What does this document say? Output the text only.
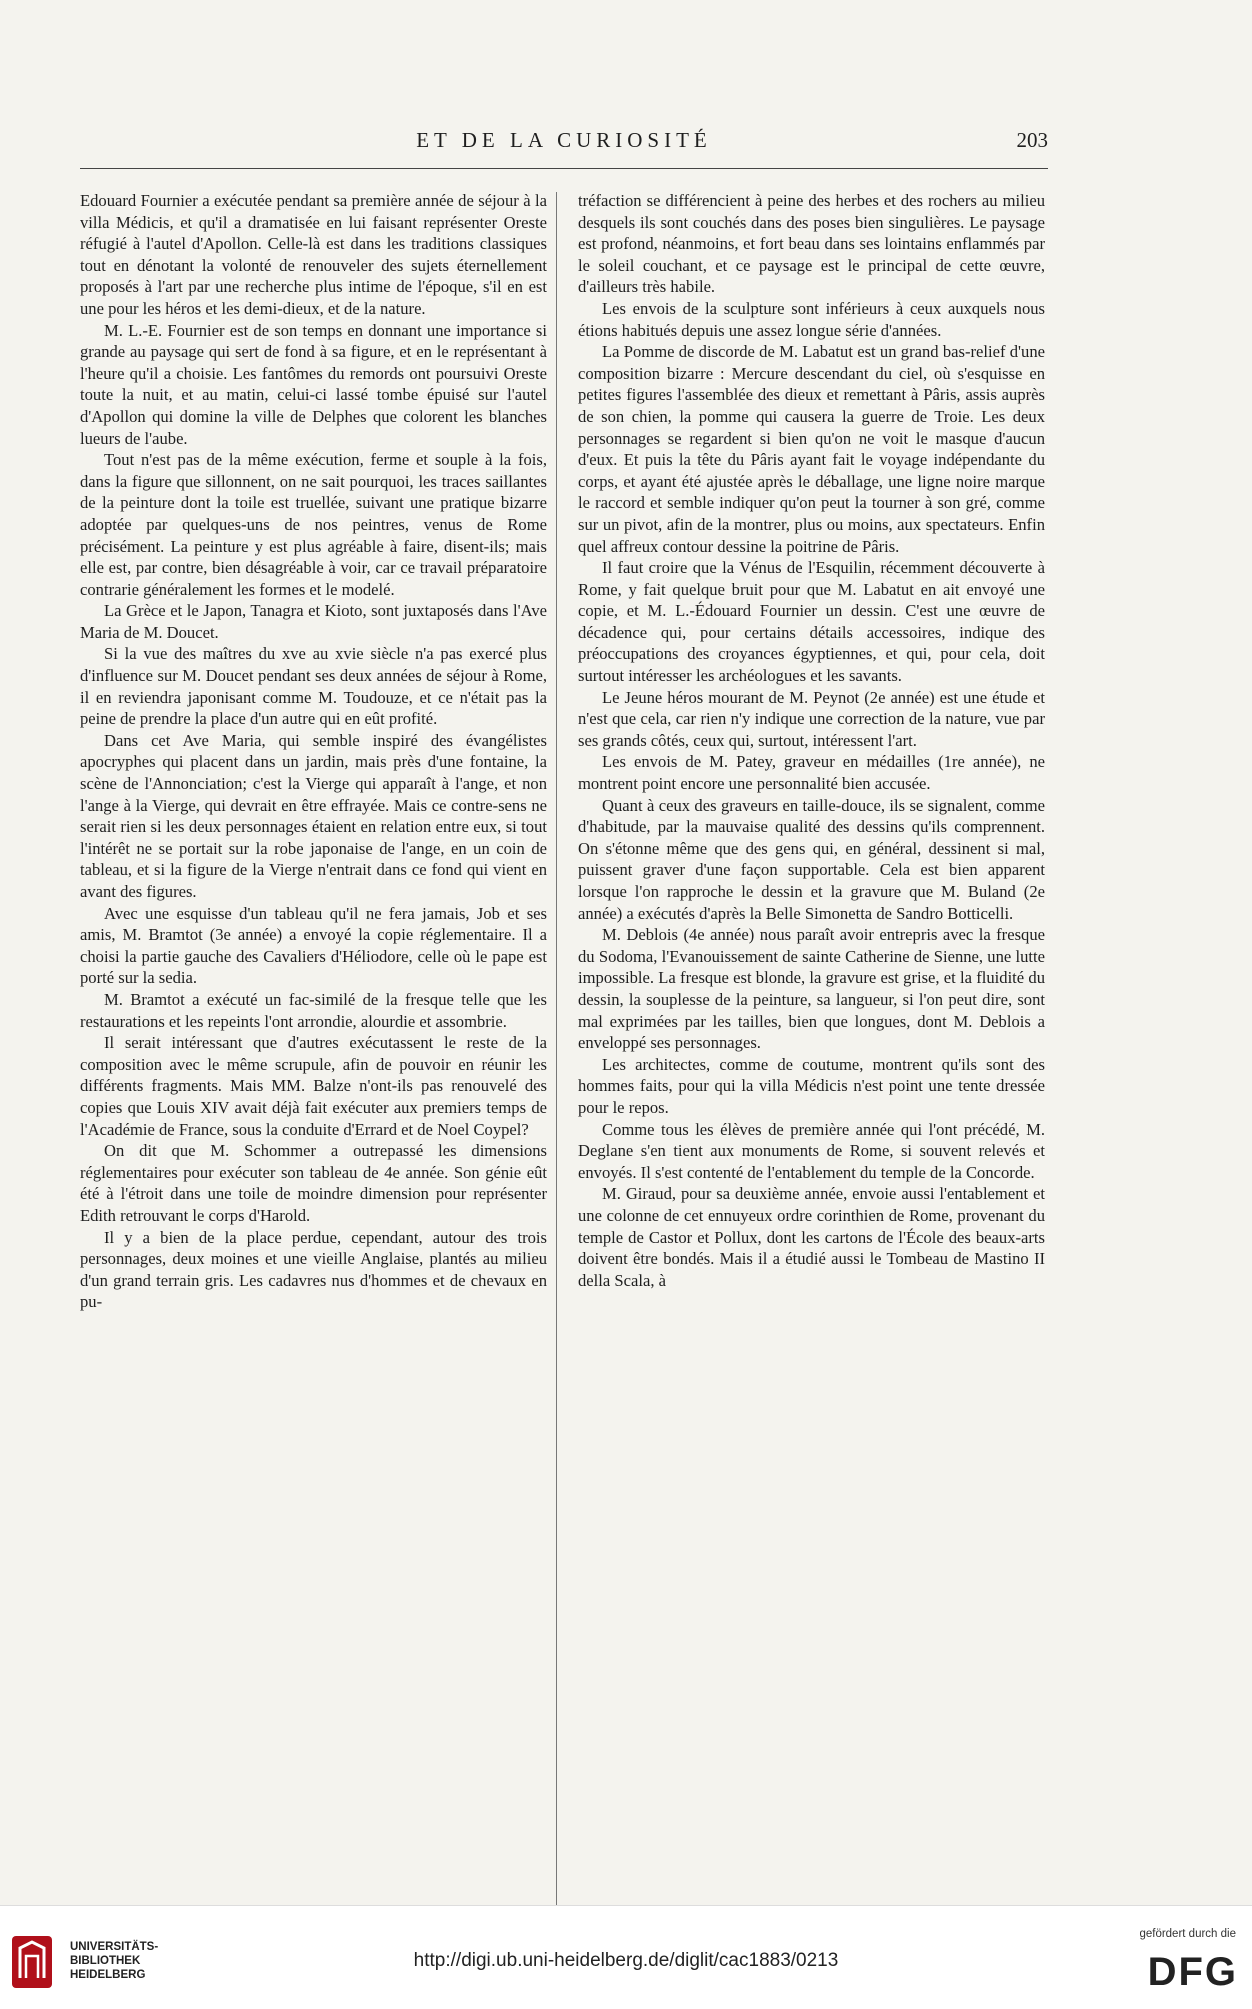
ET DE LA CURIOSITÉ	203

Edouard Fournier a exécutée pendant sa première année de séjour à la villa Médicis, et qu'il a dramatisée en lui faisant représenter Oreste réfugié à l'autel d'Apollon. Celle-là est dans les traditions classiques tout en dénotant la volonté de renouveler des sujets éternellement proposés à l'art par une recherche plus intime de l'époque, s'il en est une pour les héros et les demi-dieux, et de la nature.

M. L.-E. Fournier est de son temps en donnant une importance si grande au paysage qui sert de fond à sa figure, et en le représentant à l'heure qu'il a choisie. Les fantômes du remords ont poursuivi Oreste toute la nuit, et au matin, celui-ci lassé tombe épuisé sur l'autel d'Apollon qui domine la ville de Delphes que colorent les blanches lueurs de l'aube.

Tout n'est pas de la même exécution, ferme et souple à la fois, dans la figure que sillonnent, on ne sait pourquoi, les traces saillantes de la peinture dont la toile est truellée, suivant une pratique bizarre adoptée par quelques-uns de nos peintres, venus de Rome précisément. La peinture y est plus agréable à faire, disent-ils; mais elle est, par contre, bien désagréable à voir, car ce travail préparatoire contrarie généralement les formes et le modelé.

La Grèce et le Japon, Tanagra et Kioto, sont juxtaposés dans l'Ave Maria de M. Doucet.

Si la vue des maîtres du xve au xvie siècle n'a pas exercé plus d'influence sur M. Doucet pendant ses deux années de séjour à Rome, il en reviendra japonisant comme M. Toudouze, et ce n'était pas la peine de prendre la place d'un autre qui en eût profité.

Dans cet Ave Maria, qui semble inspiré des évangélistes apocryphes qui placent dans un jardin, mais près d'une fontaine, la scène de l'Annonciation; c'est la Vierge qui apparaît à l'ange, et non l'ange à la Vierge, qui devrait en être effrayée. Mais ce contre-sens ne serait rien si les deux personnages étaient en relation entre eux, si tout l'intérêt ne se portait sur la robe japonaise de l'ange, en un coin de tableau, et si la figure de la Vierge n'entrait dans ce fond qui vient en avant des figures.

Avec une esquisse d'un tableau qu'il ne fera jamais, Job et ses amis, M. Bramtot (3e année) a envoyé la copie réglementaire. Il a choisi la partie gauche des Cavaliers d'Héliodore, celle où le pape est porté sur la sedia.

M. Bramtot a exécuté un fac-similé de la fresque telle que les restaurations et les repeints l'ont arrondie, alourdie et assombrie.

Il serait intéressant que d'autres exécutassent le reste de la composition avec le même scrupule, afin de pouvoir en réunir les différents fragments. Mais MM. Balze n'ont-ils pas renouvelé des copies que Louis XIV avait déjà fait exécuter aux premiers temps de l'Académie de France, sous la conduite d'Errard et de Noel Coypel?

On dit que M. Schommer a outrepassé les dimensions réglementaires pour exécuter son tableau de 4e année. Son génie eût été à l'étroit dans une toile de moindre dimension pour représenter Edith retrouvant le corps d'Harold.

Il y a bien de la place perdue, cependant, autour des trois personnages, deux moines et une vieille Anglaise, plantés au milieu d'un grand terrain gris. Les cadavres nus d'hommes et de chevaux en pu-

tréfaction se différencient à peine des herbes et des rochers au milieu desquels ils sont couchés dans des poses bien singulières. Le paysage est profond, néanmoins, et fort beau dans ses lointains enflammés par le soleil couchant, et ce paysage est le principal de cette œuvre, d'ailleurs très habile.

Les envois de la sculpture sont inférieurs à ceux auxquels nous étions habitués depuis une assez longue série d'années.

La Pomme de discorde de M. Labatut est un grand bas-relief d'une composition bizarre : Mercure descendant du ciel, où s'esquisse en petites figures l'assemblée des dieux et remettant à Pâris, assis auprès de son chien, la pomme qui causera la guerre de Troie. Les deux personnages se regardent si bien qu'on ne voit le masque d'aucun d'eux. Et puis la tête du Pâris ayant fait le voyage indépendante du corps, et ayant été ajustée après le déballage, une ligne noire marque le raccord et semble indiquer qu'on peut la tourner à son gré, comme sur un pivot, afin de la montrer, plus ou moins, aux spectateurs. Enfin quel affreux contour dessine la poitrine de Pâris.

Il faut croire que la Vénus de l'Esquilin, récemment découverte à Rome, y fait quelque bruit pour que M. Labatut en ait envoyé une copie, et M. L.-Édouard Fournier un dessin. C'est une œuvre de décadence qui, pour certains détails accessoires, indique des préoccupations des croyances égyptiennes, et qui, pour cela, doit surtout intéresser les archéologues et les savants.

Le Jeune héros mourant de M. Peynot (2e année) est une étude et n'est que cela, car rien n'y indique une correction de la nature, vue par ses grands côtés, ceux qui, surtout, intéressent l'art.

Les envois de M. Patey, graveur en médailles (1re année), ne montrent point encore une personnalité bien accusée.

Quant à ceux des graveurs en taille-douce, ils se signalent, comme d'habitude, par la mauvaise qualité des dessins qu'ils comprennent. On s'étonne même que des gens qui, en général, dessinent si mal, puissent graver d'une façon supportable. Cela est bien apparent lorsque l'on rapproche le dessin et la gravure que M. Buland (2e année) a exécutés d'après la Belle Simonetta de Sandro Botticelli.

M. Deblois (4e année) nous paraît avoir entrepris avec la fresque du Sodoma, l'Evanouissement de sainte Catherine de Sienne, une lutte impossible. La fresque est blonde, la gravure est grise, et la fluidité du dessin, la souplesse de la peinture, sa langueur, si l'on peut dire, sont mal exprimées par les tailles, bien que longues, dont M. Deblois a enveloppé ses personnages.

Les architectes, comme de coutume, montrent qu'ils sont des hommes faits, pour qui la villa Médicis n'est point une tente dressée pour le repos.

Comme tous les élèves de première année qui l'ont précédé, M. Deglane s'en tient aux monuments de Rome, si souvent relevés et envoyés. Il s'est contenté de l'entablement du temple de la Concorde.

M. Giraud, pour sa deuxième année, envoie aussi l'entablement et une colonne de cet ennuyeux ordre corinthien de Rome, provenant du temple de Castor et Pollux, dont les cartons de l'École des beaux-arts doivent être bondés. Mais il a étudié aussi le Tombeau de Mastino II della Scala, à

UNIVERSITÄTS-
BIBLIOTHEK
HEIDELBERG
http://digi.ub.uni-heidelberg.de/diglit/cac1883/0213
gefördert durch die
DFG
